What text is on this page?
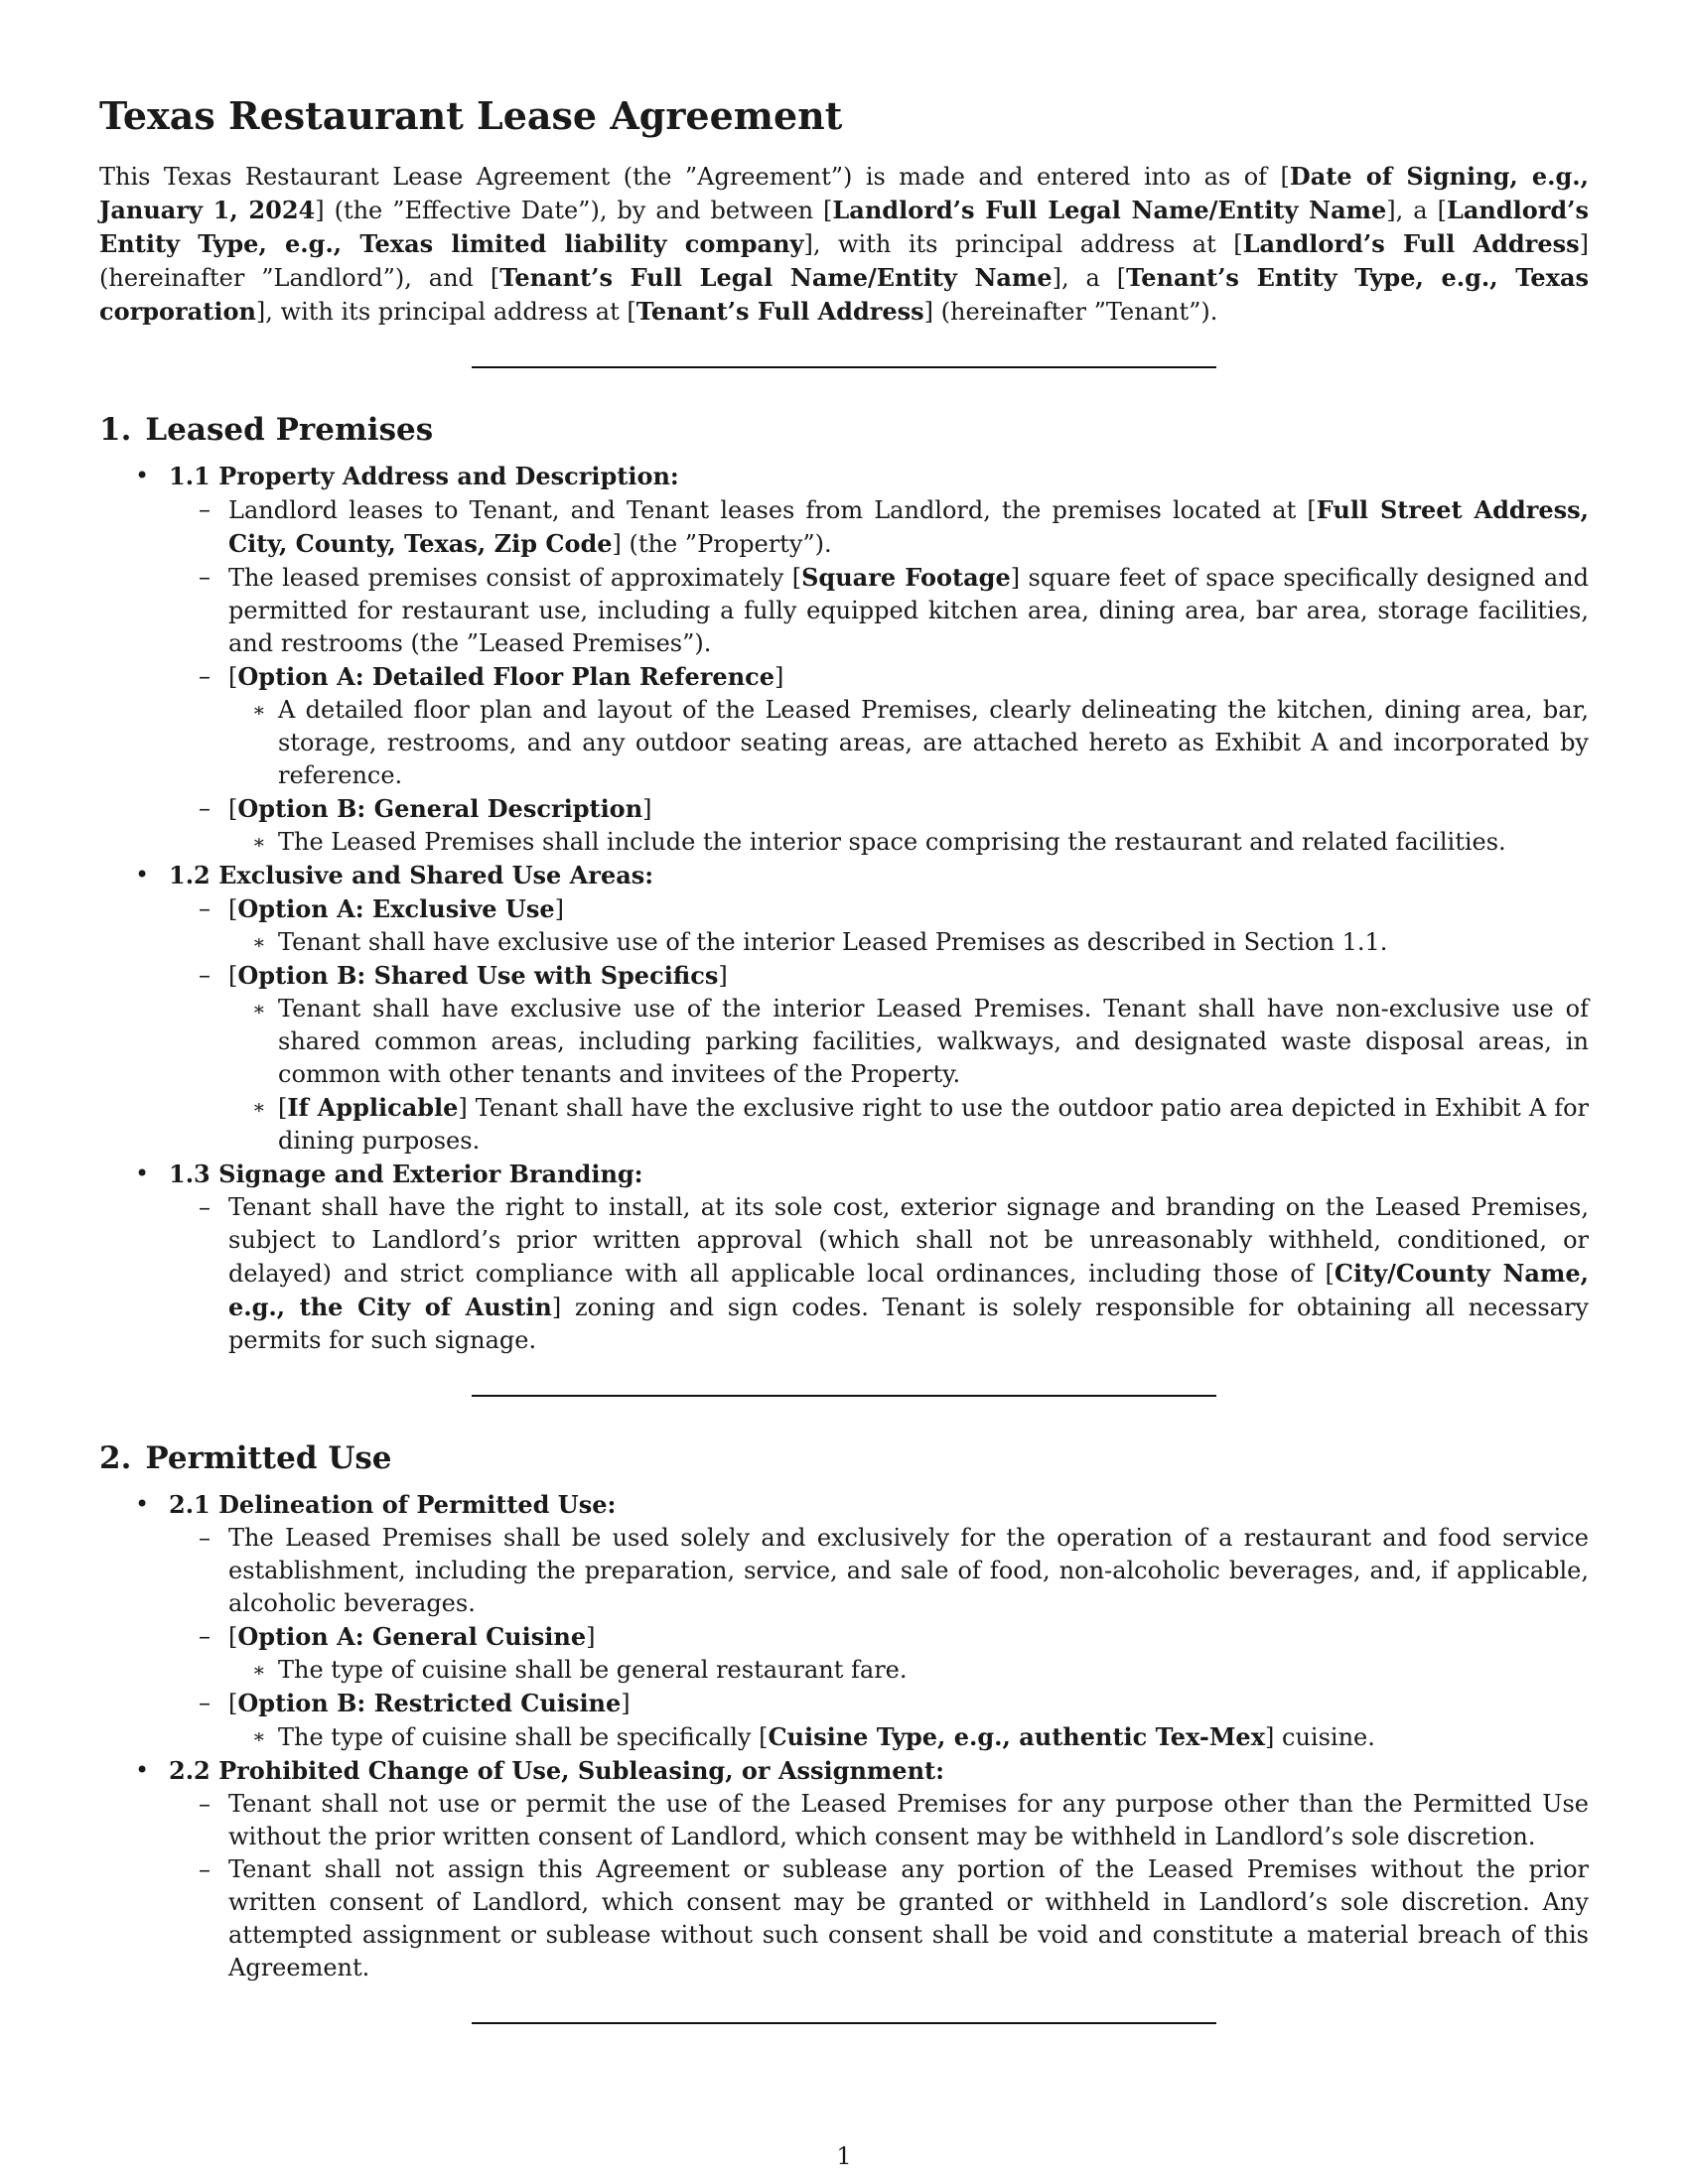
Texas Restaurant Lease Agreement

This Texas Restaurant Lease Agreement (the ”Agreement”) is made and entered into as of [Date of Signing, e.g., January 1, 2024] (the ”Effective Date”), by and between [Landlord’s Full Legal Name/Entity Name], a [Landlord’s Entity Type, e.g., Texas limited liability company], with its principal address at [Landlord’s Full Address] (hereinafter ”Landlord”), and [Tenant’s Full Legal Name/Entity Name], a [Tenant’s Entity Type, e.g., Texas corporation], with its principal address at [Tenant’s Full Address] (hereinafter ”Tenant”).

1. Leased Premises
• 1.1 Property Address and Description:
– Landlord leases to Tenant, and Tenant leases from Landlord, the premises located at [Full Street Address, City, County, Texas, Zip Code] (the ”Property”).
– The leased premises consist of approximately [Square Footage] square feet of space specifically designed and permitted for restaurant use, including a fully equipped kitchen area, dining area, bar area, storage facilities, and restrooms (the ”Leased Premises”).
– [Option A: Detailed Floor Plan Reference]
∗ A detailed floor plan and layout of the Leased Premises, clearly delineating the kitchen, dining area, bar, storage, restrooms, and any outdoor seating areas, are attached hereto as Exhibit A and incorporated by reference.
– [Option B: General Description]
∗ The Leased Premises shall include the interior space comprising the restaurant and related facilities.
• 1.2 Exclusive and Shared Use Areas:
– [Option A: Exclusive Use]
∗ Tenant shall have exclusive use of the interior Leased Premises as described in Section 1.1.
– [Option B: Shared Use with Specifics]
∗ Tenant shall have exclusive use of the interior Leased Premises. Tenant shall have non-exclusive use of shared common areas, including parking facilities, walkways, and designated waste disposal areas, in common with other tenants and invitees of the Property.
∗ [If Applicable] Tenant shall have the exclusive right to use the outdoor patio area depicted in Exhibit A for dining purposes.
• 1.3 Signage and Exterior Branding:
– Tenant shall have the right to install, at its sole cost, exterior signage and branding on the Leased Premises, subject to Landlord’s prior written approval (which shall not be unreasonably withheld, conditioned, or delayed) and strict compliance with all applicable local ordinances, including those of [City/County Name, e.g., the City of Austin] zoning and sign codes. Tenant is solely responsible for obtaining all necessary permits for such signage.
2. Permitted Use
• 2.1 Delineation of Permitted Use:
– The Leased Premises shall be used solely and exclusively for the operation of a restaurant and food service establishment, including the preparation, service, and sale of food, non-alcoholic beverages, and, if applicable, alcoholic beverages.
– [Option A: General Cuisine]
∗ The type of cuisine shall be general restaurant fare.
– [Option B: Restricted Cuisine]
∗ The type of cuisine shall be specifically [Cuisine Type, e.g., authentic Tex-Mex] cuisine.
• 2.2 Prohibited Change of Use, Subleasing, or Assignment:
– Tenant shall not use or permit the use of the Leased Premises for any purpose other than the Permitted Use without the prior written consent of Landlord, which consent may be withheld in Landlord’s sole discretion.
– Tenant shall not assign this Agreement or sublease any portion of the Leased Premises without the prior written consent of Landlord, which consent may be granted or withheld in Landlord’s sole discretion. Any attempted assignment or sublease without such consent shall be void and constitute a material breach of this Agreement.
1
